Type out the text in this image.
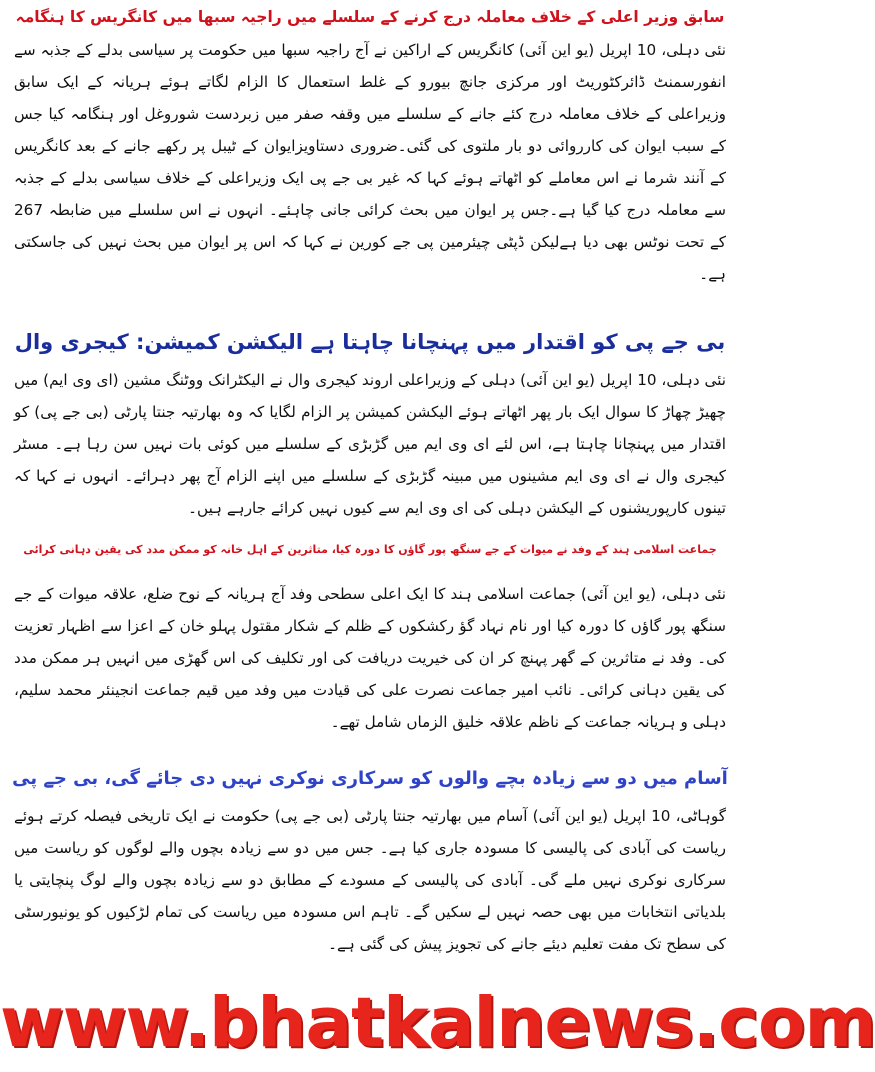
سابق وزیر اعلی کے خلاف معاملہ درج کرنے کے سلسلے میں راجیہ سبھا میں کانگریس کا ہنگامہ

نئی دہلی، 10 اپریل (یو این آئی) کانگریس کے اراکین نے آج راجیہ سبھا میں حکومت پر سیاسی بدلے کے جذبہ سے انفورسمنٹ ڈائرکٹوریٹ اور مرکزی جانچ بیورو کے غلط استعمال کا الزام لگاتے ہوئے ہریانہ کے ایک سابق وزیراعلی کے خلاف معاملہ درج کئے جانے کے سلسلے میں وقفہ صفر میں زبردست شوروغل اور ہنگامہ کیا جس کے سبب ایوان کی کارروائی دو بار ملتوی کی گئی۔ضروری دستاویزایوان کے ٹیبل پر رکھے جانے کے بعد کانگریس کے آنند شرما نے اس معاملے کو اٹھاتے ہوئے کہا کہ غیر بی جے پی ایک وزیراعلی کے خلاف سیاسی بدلے کے جذبہ سے معاملہ درج کیا گیا ہے۔جس پر ایوان میں بحث کرائی جانی چاہئے۔ انہوں نے اس سلسلے میں ضابطہ 267 کے تحت نوٹس بھی دیا ہےلیکن ڈپٹی چیئرمین پی جے کورین نے کہا کہ اس پر ایوان میں بحث نہیں کی جاسکتی ہے۔

بی جے پی کو اقتدار میں پہنچانا چاہتا ہے الیکشن کمیشن: کیجری وال

نئی دہلی، 10 اپریل (یو این آئی) دہلی کے وزیراعلی اروند کیجری وال نے الیکٹرانک ووٹنگ مشین (ای وی ایم) میں چھیڑ چھاڑ کا سوال ایک بار پھر اٹھاتے ہوئے الیکشن کمیشن پر الزام لگایا کہ وہ بھارتیہ جنتا پارٹی (بی جے پی) کو اقتدار میں پہنچانا چاہتا ہے، اس لئے ای وی ایم میں گڑبڑی کے سلسلے میں کوئی بات نہیں سن رہا ہے۔ مسٹر کیجری وال نے ای وی ایم مشینوں میں مبینہ گڑبڑی کے سلسلے میں اپنے الزام آج پھر دہرائے۔ انہوں نے کہا کہ تینوں کارپوریشنوں کے الیکشن دہلی کی ای وی ایم سے کیوں نہیں کرائے جارہے ہیں۔

جماعت اسلامی ہند کے وفد نے میوات کے جے سنگھ پور گاؤں کا دورہ کیا، متاثرین کے اہل خانہ کو ممکن مدد کی یقین دہانی کرائی

نئی دہلی، (یو این آئی) جماعت اسلامی ہند کا ایک اعلی سطحی وفد آج ہریانہ کے نوح ضلع، علاقہ میوات کے جے سنگھ پور گاؤں کا دورہ کیا اور نام نہاد گؤ رکشکوں کے ظلم کے شکار مقتول پہلو خان کے اعزا سے اظہار تعزیت کی۔ وفد نے متاثرین کے گھر پہنچ کر ان کی خیریت دریافت کی اور تکلیف کی اس گھڑی میں انہیں ہر ممکن مدد کی یقین دہانی کرائی۔ نائب امیر جماعت نصرت علی کی قیادت میں وفد میں قیم جماعت انجینئر محمد سلیم، دہلی و ہریانہ جماعت کے ناظم علاقہ خلیق الزماں شامل تھے۔

آسام میں دو سے زیادہ بچے والوں کو سرکاری نوکری نہیں دی جائے گی، بی جے پی

گوہاٹی، 10 اپریل (یو این آئی) آسام میں بھارتیہ جنتا پارٹی (بی جے پی) حکومت نے ایک تاریخی فیصلہ کرتے ہوئے ریاست کی آبادی کی پالیسی کا مسودہ جاری کیا ہے۔ جس میں دو سے زیادہ بچوں والے لوگوں کو ریاست میں سرکاری نوکری نہیں ملے گی۔ آبادی کی پالیسی کے مسودے کے مطابق دو سے زیادہ بچوں والے لوگ پنچایتی یا بلدیاتی انتخابات میں بھی حصہ نہیں لے سکیں گے۔ تاہم اس مسودہ میں ریاست کی تمام لڑکیوں کو یونیورسٹی کی سطح تک مفت تعلیم دیئے جانے کی تجویز پیش کی گئی ہے۔

www.bhatkalnews.com
